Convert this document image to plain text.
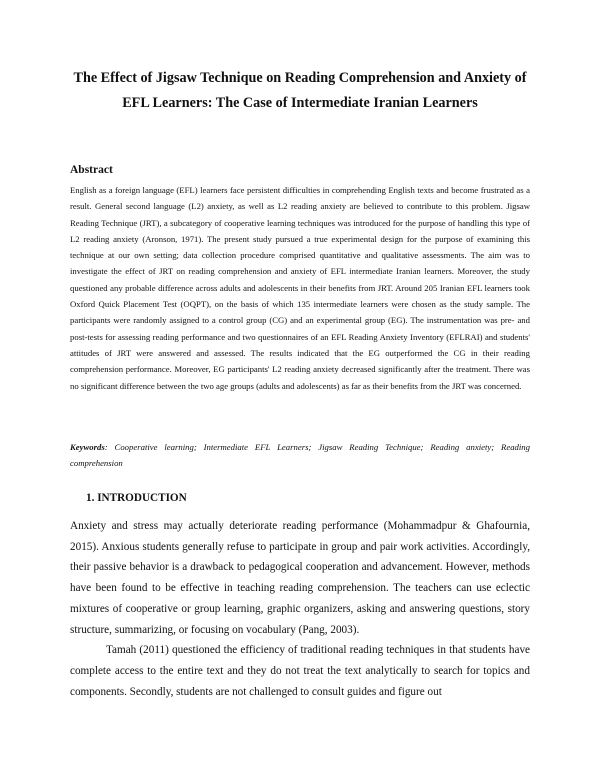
The Effect of Jigsaw Technique on Reading Comprehension and Anxiety of EFL Learners: The Case of Intermediate Iranian Learners
Abstract
English as a foreign language (EFL) learners face persistent difficulties in comprehending English texts and become frustrated as a result. General second language (L2) anxiety, as well as L2 reading anxiety are believed to contribute to this problem. Jigsaw Reading Technique (JRT), a subcategory of cooperative learning techniques was introduced for the purpose of handling this type of L2 reading anxiety (Aronson, 1971). The present study pursued a true experimental design for the purpose of examining this technique at our own setting; data collection procedure comprised quantitative and qualitative assessments. The aim was to investigate the effect of JRT on reading comprehension and anxiety of EFL intermediate Iranian learners. Moreover, the study questioned any probable difference across adults and adolescents in their benefits from JRT. Around 205 Iranian EFL learners took Oxford Quick Placement Test (OQPT), on the basis of which 135 intermediate learners were chosen as the study sample. The participants were randomly assigned to a control group (CG) and an experimental group (EG). The instrumentation was pre- and post-tests for assessing reading performance and two questionnaires of an EFL Reading Anxiety Inventory (EFLRAI) and students' attitudes of JRT were answered and assessed. The results indicated that the EG outperformed the CG in their reading comprehension performance. Moreover, EG participants' L2 reading anxiety decreased significantly after the treatment. There was no significant difference between the two age groups (adults and adolescents) as far as their benefits from the JRT was concerned.
Keywords: Cooperative learning; Intermediate EFL Learners; Jigsaw Reading Technique; Reading anxiety; Reading comprehension
1. INTRODUCTION

Anxiety and stress may actually deteriorate reading performance (Mohammadpur & Ghafournia, 2015). Anxious students generally refuse to participate in group and pair work activities. Accordingly, their passive behavior is a drawback to pedagogical cooperation and advancement. However, methods have been found to be effective in teaching reading comprehension. The teachers can use eclectic mixtures of cooperative or group learning, graphic organizers, asking and answering questions, story structure, summarizing, or focusing on vocabulary (Pang, 2003).

Tamah (2011) questioned the efficiency of traditional reading techniques in that students have complete access to the entire text and they do not treat the text analytically to search for topics and components. Secondly, students are not challenged to consult guides and figure out
